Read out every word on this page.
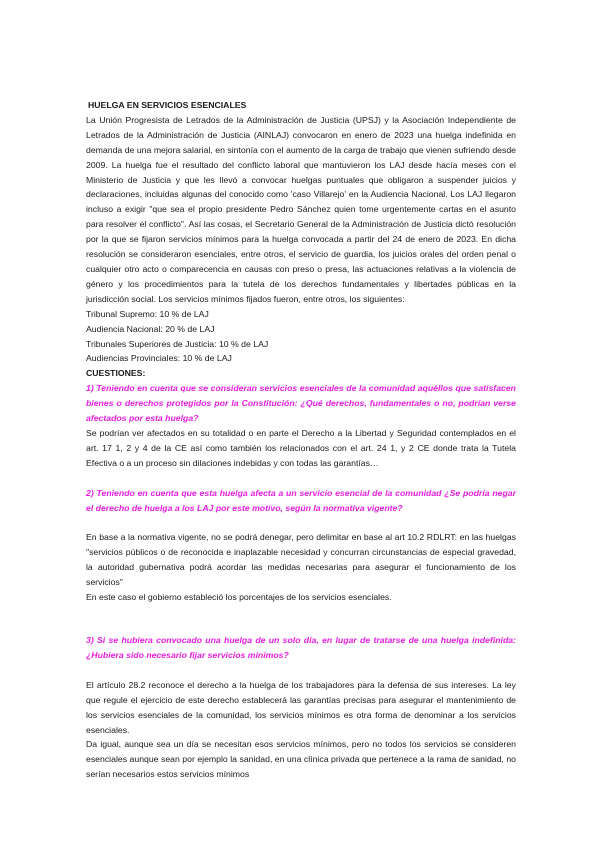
HUELGA EN SERVICIOS ESENCIALES

La Unión Progresista de Letrados de la Administración de Justicia (UPSJ) y la Asociación Independiente de Letrados de la Administración de Justicia (AINLAJ) convocaron en enero de 2023 una huelga indefinida en demanda de una mejora salarial, en sintonía con el aumento de la carga de trabajo que vienen sufriendo desde 2009. La huelga fue el resultado del conflicto laboral que mantuvieron los LAJ desde hacía meses con el Ministerio de Justicia y que les llevó a convocar huelgas puntuales que obligaron a suspender juicios y declaraciones, incluidas algunas del conocido como 'caso Villarejo' en la Audiencia Nacional. Los LAJ llegaron incluso a exigir "que sea el propio presidente Pedro Sánchez quien tome urgentemente cartas en el asunto para resolver el conflicto". Así las cosas, el Secretario General de la Administración de Justicia dictó resolución por la que se fijaron servicios mínimos para la huelga convocada a partir del 24 de enero de 2023. En dicha resolución se consideraron esenciales, entre otros, el servicio de guardia, los juicios orales del orden penal o cualquier otro acto o comparecencia en causas con preso o presa, las actuaciones relativas a la violencia de género y los procedimientos para la tutela de los derechos fundamentales y libertades públicas en la jurisdicción social. Los servicios mínimos fijados fueron, entre otros, los siguientes:

Tribunal Supremo: 10 % de LAJ

Audiencia Nacional: 20 % de LAJ

Tribunales Superiores de Justicia: 10 % de LAJ

Audiencias Provinciales: 10 % de LAJ

CUESTIONES:

1) Teniendo en cuenta que se consideran servicios esenciales de la comunidad aquéllos que satisfacen bienes o derechos protegidos por la Constitución: ¿Qué derechos, fundamentales o no, podrían verse afectados por esta huelga?

Se podrían ver afectados en su totalidad o en parte el Derecho a la Libertad y Seguridad contemplados en el art. 17 1, 2 y 4 de la CE así como también los relacionados con el art. 24 1, y 2 CE donde trata la Tutela Efectiva o a un proceso sin dilaciones indebidas y con todas las garantías…

2) Teniendo en cuenta que esta huelga afecta a un servicio esencial de la comunidad ¿Se podría negar el derecho de huelga a los LAJ por este motivo, según la normativa vigente?

En base a la normativa vigente, no se podrá denegar, pero delimitar en base al art 10.2 RDLRT: en las huelgas "servicios públicos o de reconocida e inaplazable necesidad y concurran circunstancias de especial gravedad, la autoridad gubernativa podrá acordar las medidas necesarias para asegurar el funcionamiento de los servicios"

En este caso el gobierno estableció los porcentajes de los servicios esenciales.

3) Si se hubiera convocado una huelga de un solo día, en lugar de tratarse de una huelga indefinida: ¿Hubiera sido necesario fijar servicios mínimos?

El artículo 28.2 reconoce el derecho a la huelga de los trabajadores para la defensa de sus intereses. La ley que regule el ejercicio de este derecho establecerá las garantías precisas para asegurar el mantenimiento de los servicios esenciales de la comunidad, los servicios mínimos es otra forma de denominar a los servicios esenciales.

Da igual, aunque sea un día se necesitan esos servicios mínimos, pero no todos los servicios se consideren esenciales aunque sean por ejemplo la sanidad, en una clínica privada que pertenece a la rama de sanidad, no serían necesarios estos servicios mínimos
